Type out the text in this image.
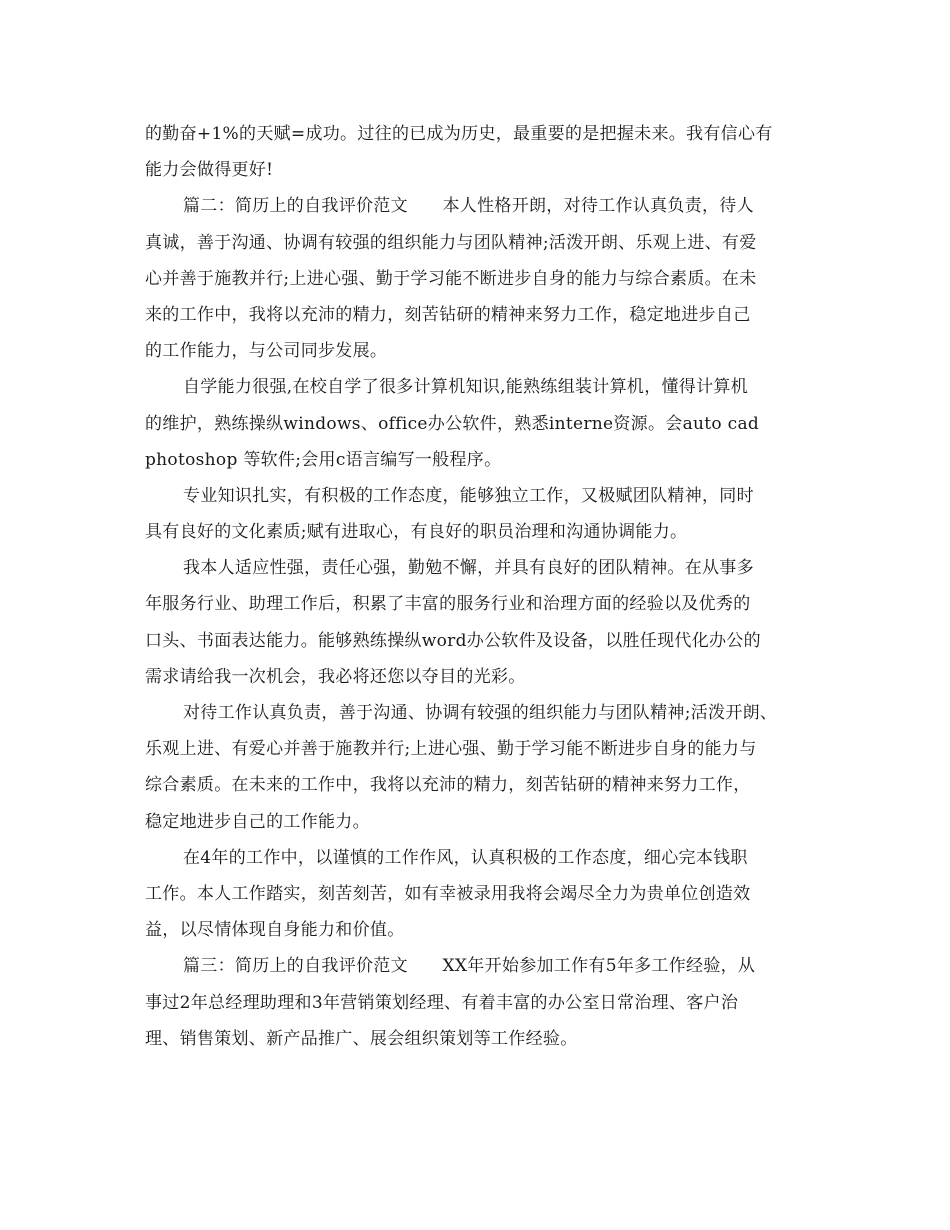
的勤奋+1%的天赋=成功。过往的已成为历史，最重要的是把握未来。我有信心有
能力会做得更好!
篇二：简历上的自我评价范文　　本人性格开朗，对待工作认真负责，待人
真诚，善于沟通、协调有较强的组织能力与团队精神;活泼开朗、乐观上进、有爱
心并善于施教并行;上进心强、勤于学习能不断进步自身的能力与综合素质。在未
来的工作中，我将以充沛的精力，刻苦钻研的精神来努力工作，稳定地进步自己
的工作能力，与公司同步发展。
自学能力很强,在校自学了很多计算机知识,能熟练组装计算机，懂得计算机
的维护，熟练操纵windows、office办公软件，熟悉interne资源。会auto cad
photoshop 等软件;会用c语言编写一般程序。
专业知识扎实，有积极的工作态度，能够独立工作，又极赋团队精神，同时
具有良好的文化素质;赋有进取心，有良好的职员治理和沟通协调能力。
我本人适应性强，责任心强，勤勉不懈，并具有良好的团队精神。在从事多
年服务行业、助理工作后，积累了丰富的服务行业和治理方面的经验以及优秀的
口头、书面表达能力。能够熟练操纵word办公软件及设备，以胜任现代化办公的
需求请给我一次机会，我必将还您以夺目的光彩。
对待工作认真负责，善于沟通、协调有较强的组织能力与团队精神;活泼开朗、
乐观上进、有爱心并善于施教并行;上进心强、勤于学习能不断进步自身的能力与
综合素质。在未来的工作中，我将以充沛的精力，刻苦钻研的精神来努力工作，
稳定地进步自己的工作能力。
在4年的工作中，以谨慎的工作作风，认真积极的工作态度，细心完本钱职
工作。本人工作踏实，刻苦刻苦，如有幸被录用我将会竭尽全力为贵单位创造效
益，以尽情体现自身能力和价值。
篇三：简历上的自我评价范文　　XX年开始参加工作有5年多工作经验，从
事过2年总经理助理和3年营销策划经理、有着丰富的办公室日常治理、客户治
理、销售策划、新产品推广、展会组织策划等工作经验。
